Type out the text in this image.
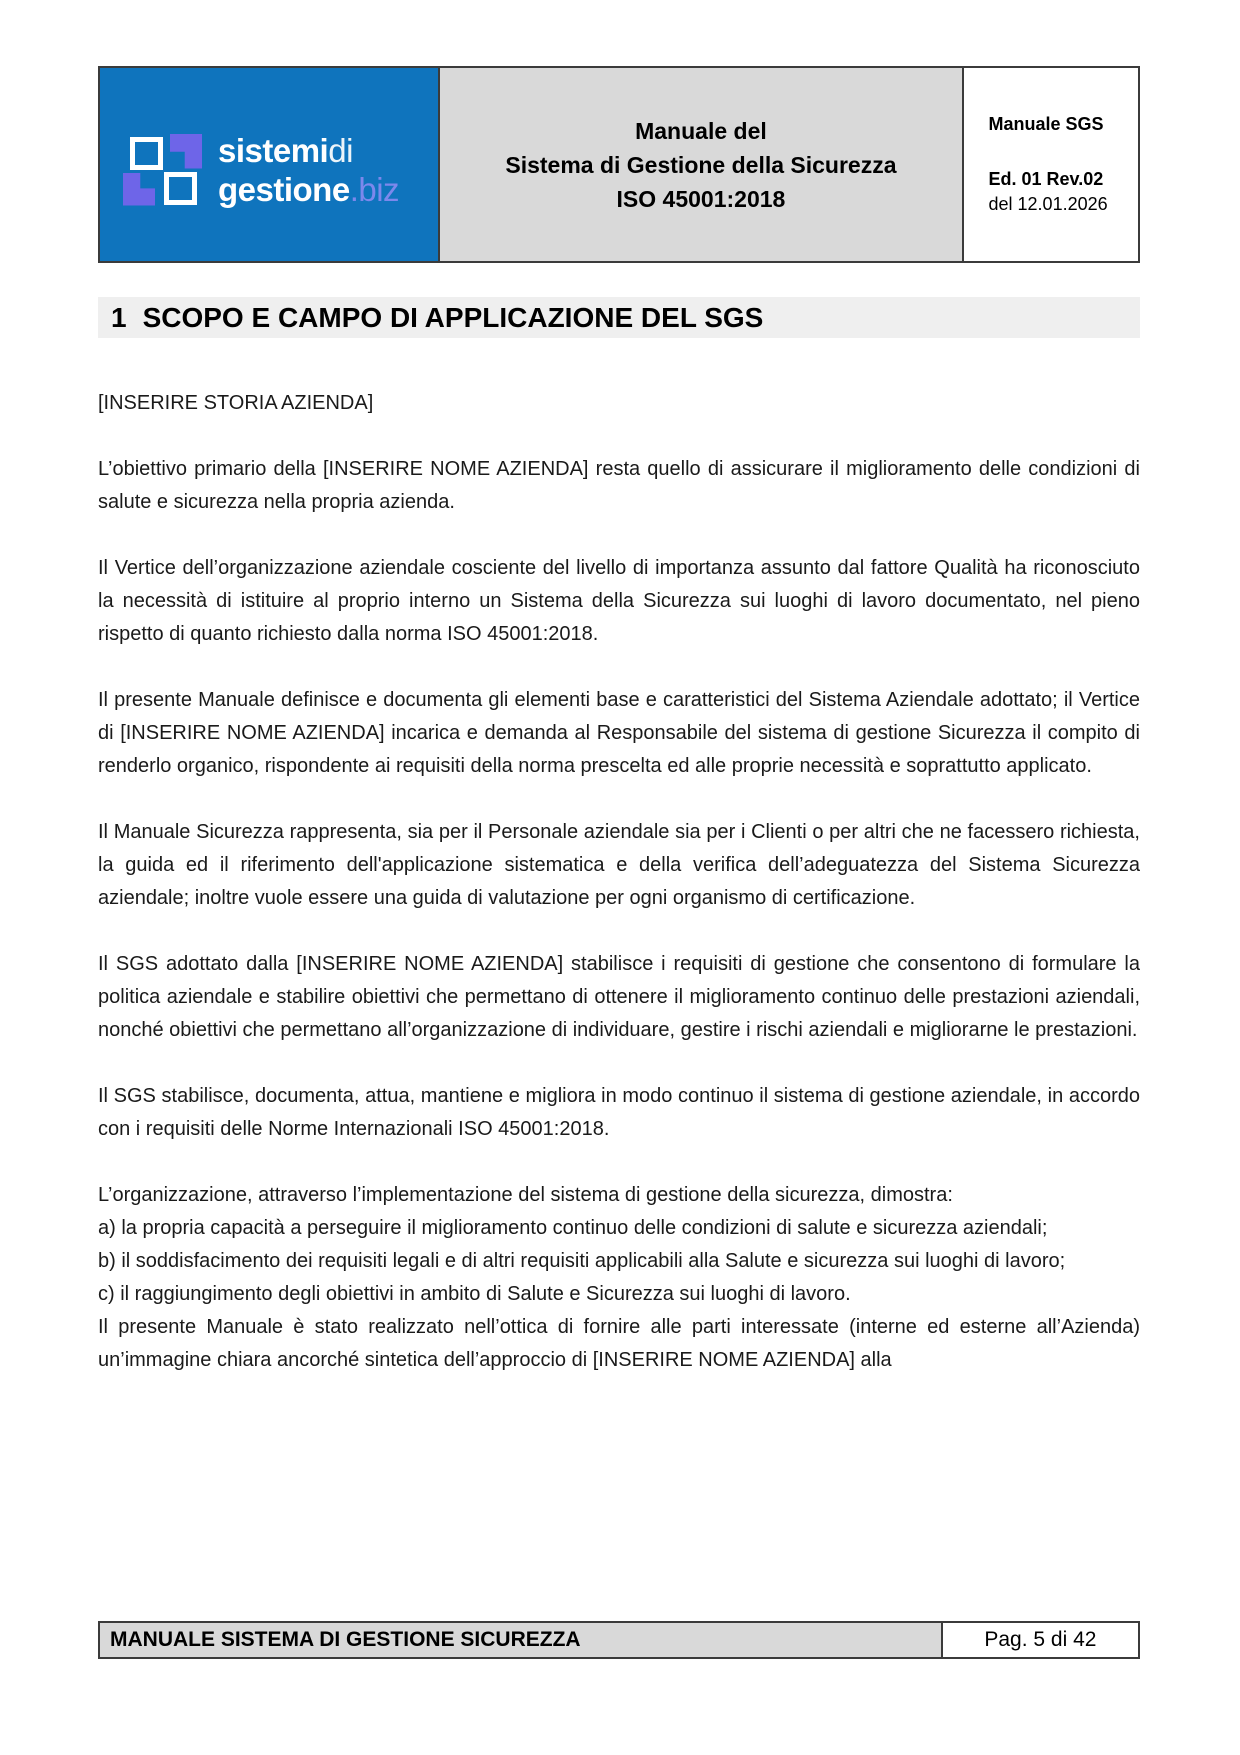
sistemidi
gestione.biz
Manuale del
Sistema di Gestione della Sicurezza
ISO 45001:2018
Manuale SGS
Ed. 01 Rev.02
del 12.01.2026
1 SCOPO E CAMPO DI APPLICAZIONE DEL SGS

[INSERIRE STORIA AZIENDA]

L’obiettivo primario della [INSERIRE NOME AZIENDA] resta quello di assicurare il miglioramento delle condizioni di salute e sicurezza nella propria azienda.

Il Vertice dell’organizzazione aziendale cosciente del livello di importanza assunto dal fattore Qualità ha riconosciuto la necessità di istituire al proprio interno un Sistema della Sicurezza sui luoghi di lavoro documentato, nel pieno rispetto di quanto richiesto dalla norma ISO 45001:2018.

Il presente Manuale definisce e documenta gli elementi base e caratteristici del Sistema Aziendale adottato; il Vertice di [INSERIRE NOME AZIENDA] incarica e demanda al Responsabile del sistema di gestione Sicurezza il compito di renderlo organico, rispondente ai requisiti della norma prescelta ed alle proprie necessità e soprattutto applicato.

Il Manuale Sicurezza rappresenta, sia per il Personale aziendale sia per i Clienti o per altri che ne facessero richiesta, la guida ed il riferimento dell'applicazione sistematica e della verifica dell’adeguatezza del Sistema Sicurezza aziendale; inoltre vuole essere una guida di valutazione per ogni organismo di certificazione.

Il SGS adottato dalla [INSERIRE NOME AZIENDA] stabilisce i requisiti di gestione che consentono di formulare la politica aziendale e stabilire obiettivi che permettano di ottenere il miglioramento continuo delle prestazioni aziendali, nonché obiettivi che permettano all’organizzazione di individuare, gestire i rischi aziendali e migliorarne le prestazioni.

Il SGS stabilisce, documenta, attua, mantiene e migliora in modo continuo il sistema di gestione aziendale, in accordo con i requisiti delle Norme Internazionali ISO 45001:2018.

L’organizzazione, attraverso l’implementazione del sistema di gestione della sicurezza, dimostra:

a) la propria capacità a perseguire il miglioramento continuo delle condizioni di salute e sicurezza aziendali;

b) il soddisfacimento dei requisiti legali e di altri requisiti applicabili alla Salute e sicurezza sui luoghi di lavoro;

c) il raggiungimento degli obiettivi in ambito di Salute e Sicurezza sui luoghi di lavoro.

Il presente Manuale è stato realizzato nell’ottica di fornire alle parti interessate (interne ed esterne all’Azienda) un’immagine chiara ancorché sintetica dell’approccio di [INSERIRE NOME AZIENDA] alla

MANUALE SISTEMA DI GESTIONE SICUREZZA	Pag. 5 di 42
